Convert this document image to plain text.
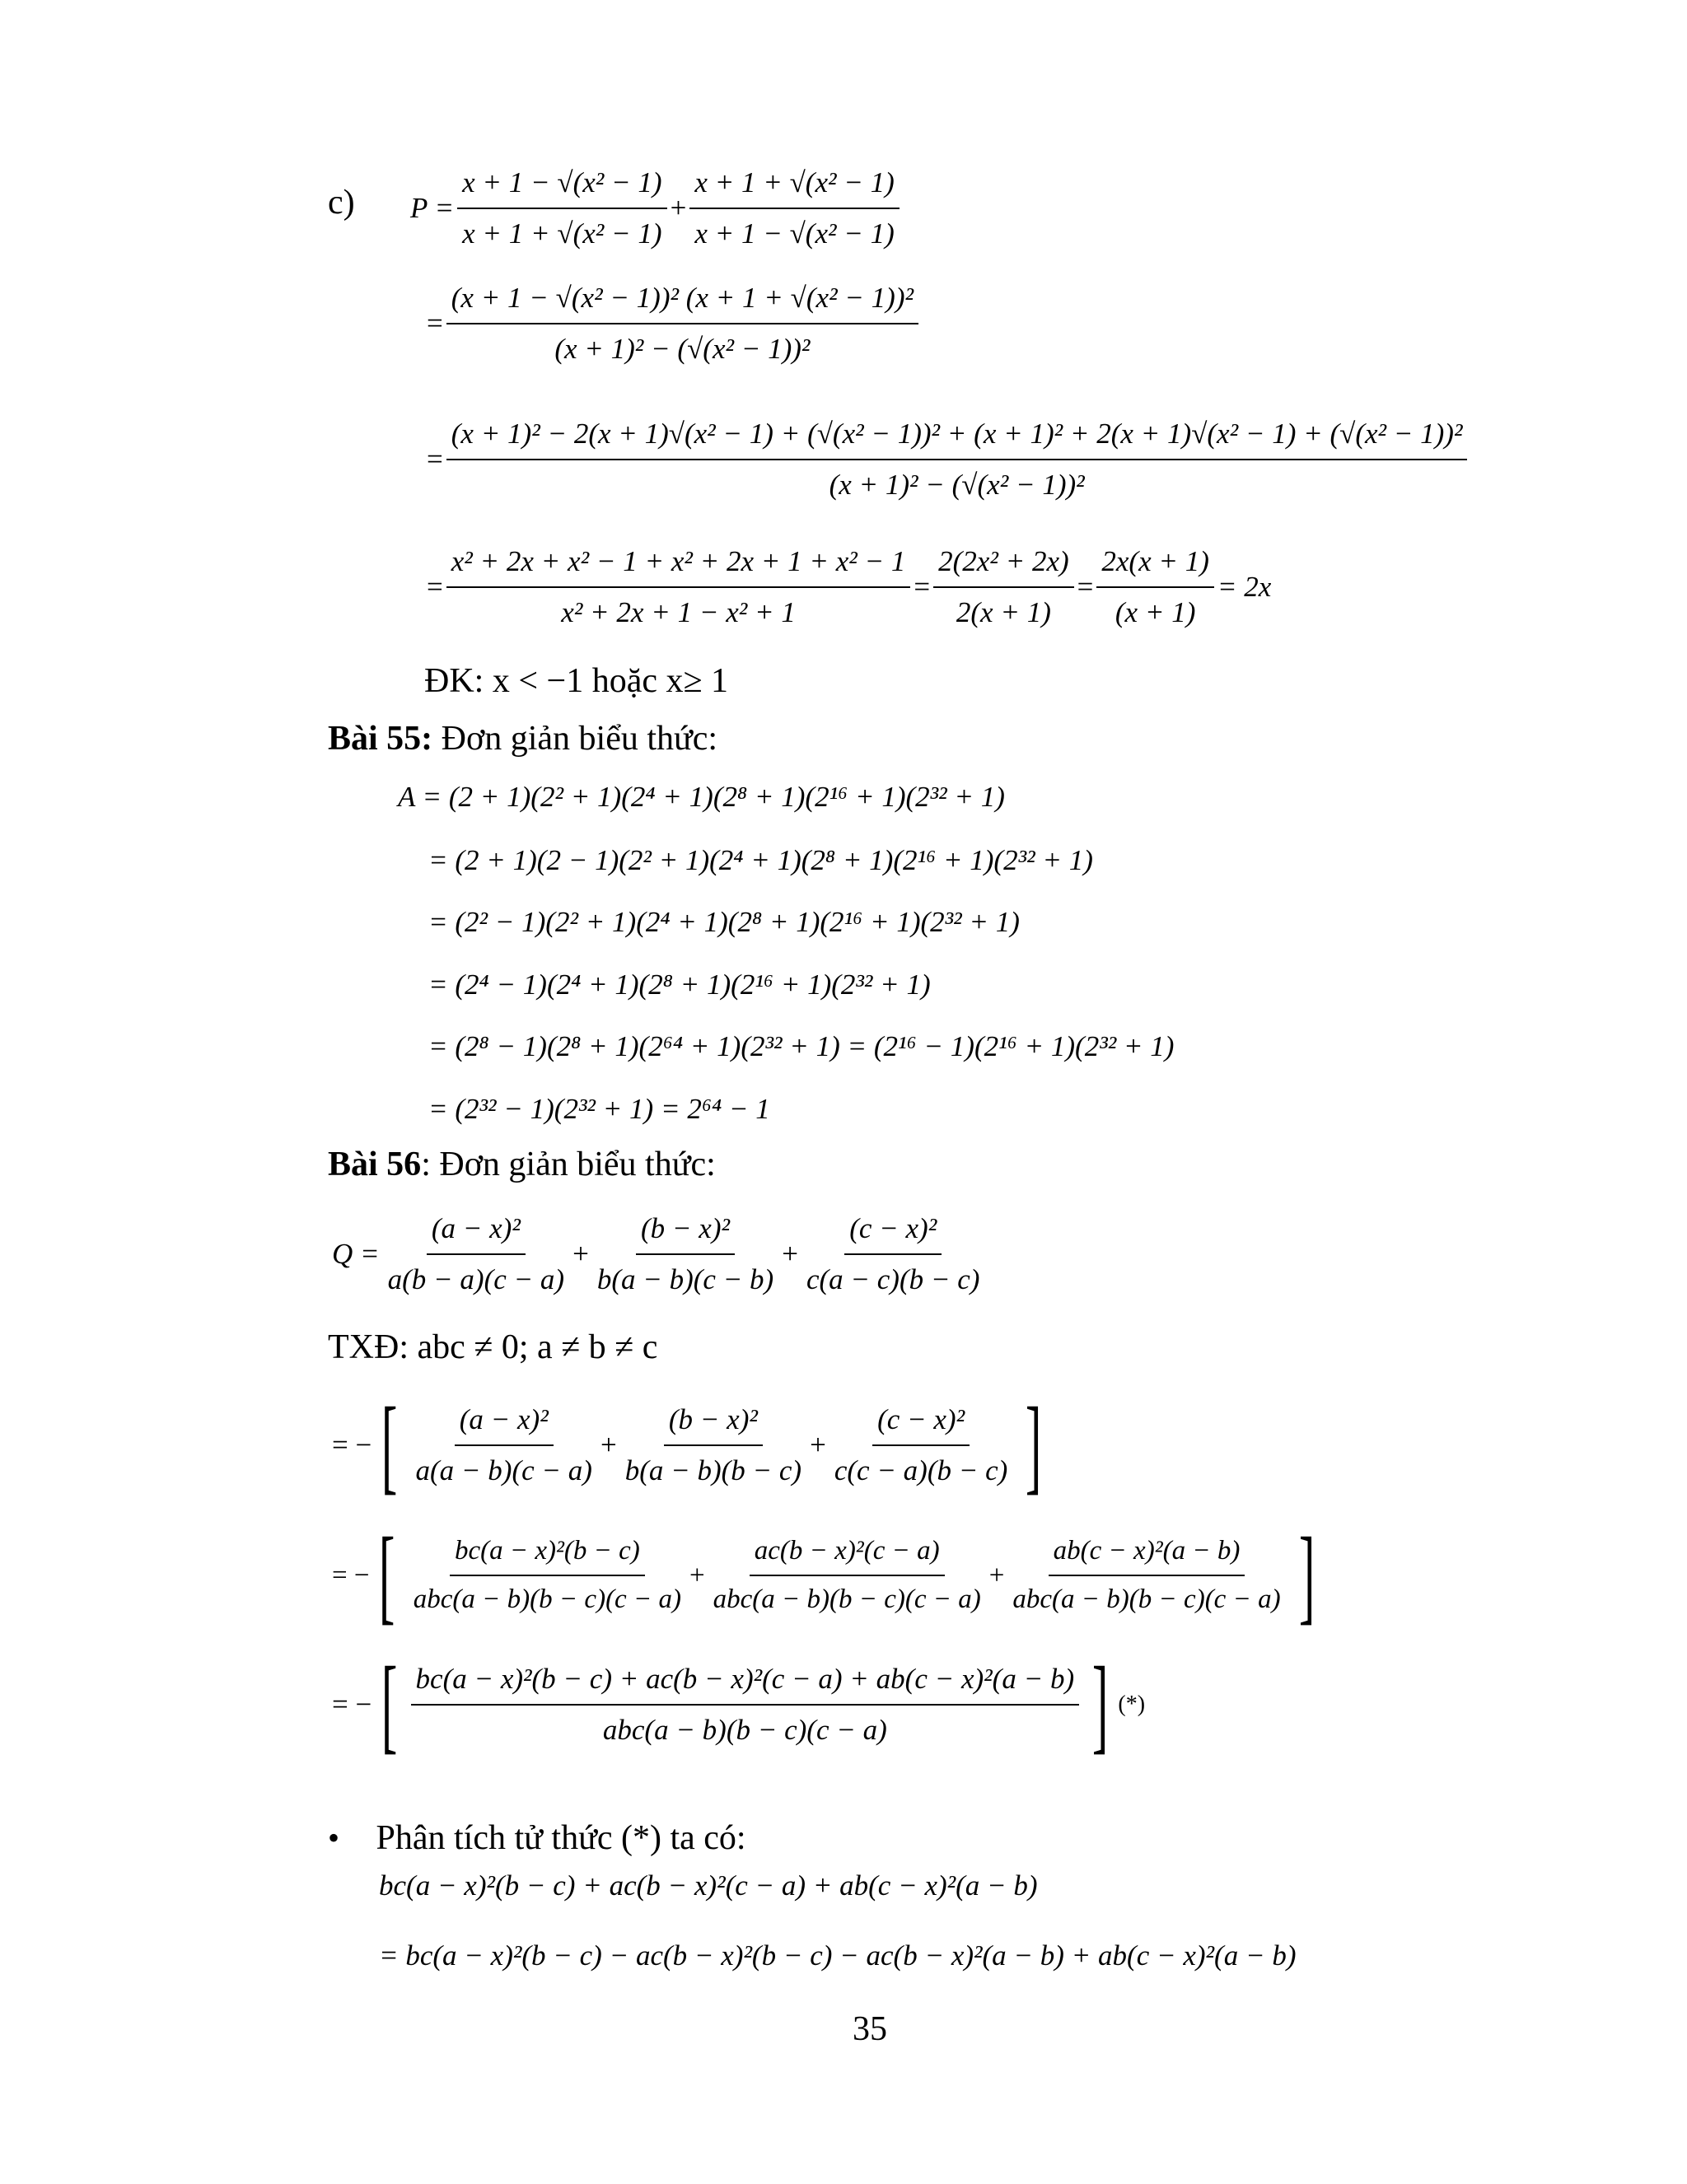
c) $P = \frac{\text{x + 1 − √(x² − 1)}}{\text{x + 1 + √(x² − 1)}} + \frac{\text{x + 1 + √(x² − 1)}}{\text{x + 1 − √(x² − 1)}}$
= $\frac{\text{(x + 1 − √(x² − 1))² (x + 1 + √(x² − 1))²}}{\text{(x + 1)² − (√(x² − 1))²}}$
=
(x + 1)² − 2(x + 1)√(x² − 1) + (√(x² − 1))² + (x + 1)² + 2(x + 1)√(x² − 1) + (√(x² − 1))²
(x + 1)² − (√(x² − 1))²
= $\frac{\text{x² + 2x + x² − 1 + x² + 2x + 1 + x² − 1}}{\text{x² + 2x + 1 − x² + 1}} = \frac{\text{2(2x² + 2x)}}{2(x + 1)} = \frac{2x(x + 1)}{(x + 1)} = 2x$
ĐK: x < −1 hoặc x≥ 1
Bài 55: Đơn giản biểu thức:
A = (2 + 1)(2² + 1)(2⁴ + 1)(2⁸ + 1)(2¹⁶ + 1)(2³² + 1)
= (2 + 1)(2 − 1)(2² + 1)(2⁴ + 1)(2⁸ + 1)(2¹⁶ + 1)(2³² + 1)
= (2² − 1)(2² + 1)(2⁴ + 1)(2⁸ + 1)(2¹⁶ + 1)(2³² + 1)
= (2⁴ − 1)(2⁴ + 1)(2⁸ + 1)(2¹⁶ + 1)(2³² + 1)
= (2⁸ − 1)(2⁸ + 1)(2⁶⁴ + 1)(2³² + 1) = (2¹⁶ − 1)(2¹⁶ + 1)(2³² + 1)
= (2³² − 1)(2³² + 1) = 2⁶⁴ − 1
Bài 56: Đơn giản biểu thức:
$Q = \frac{\text{(a − x)²}}{a(b - a)(c - a)} + \frac{\text{(b − x)²}}{b(a - b)(c - b)} + \frac{\text{(c − x)²}}{c(a - c)(b - c)}$
TXĐ: abc ≠ 0; a ≠ b ≠ c
= − [ $\frac{\text{(a − x)²}}{a(a - b)(c - a)} + \frac{\text{(b − x)²}}{b(a - b)(b - c)} + \frac{\text{(c − x)²}}{c(c - a)(b - c)}$ ]
= − [ $\frac{\text{bc(a − x)²(b − c)}}{\text{abc(a − b)(b − c)(c − a)}} + \frac{\text{ac(b − x)²(c − a)}}{\text{abc(a − b)(b − c)(c − a)}} + \frac{\text{ab(c − x)²(a − b)}}{\text{abc(a − b)(b − c)(c − a)}}$ ]
= − [ $\frac{\text{bc(a − x)²(b − c) + ac(b − x)²(c − a) + ab(c − x)²(a − b)}}{\text{abc(a − b)(b − c)(c − a)}}$ ] (*)
• Phân tích tử thức (*) ta có:
bc(a − x)²(b − c) + ac(b − x)²(c − a) + ab(c − x)²(a − b)
= bc(a − x)²(b − c) − ac(b − x)²(b − c) − ac(b − x)²(a − b) + ab(c − x)²(a − b)
35
